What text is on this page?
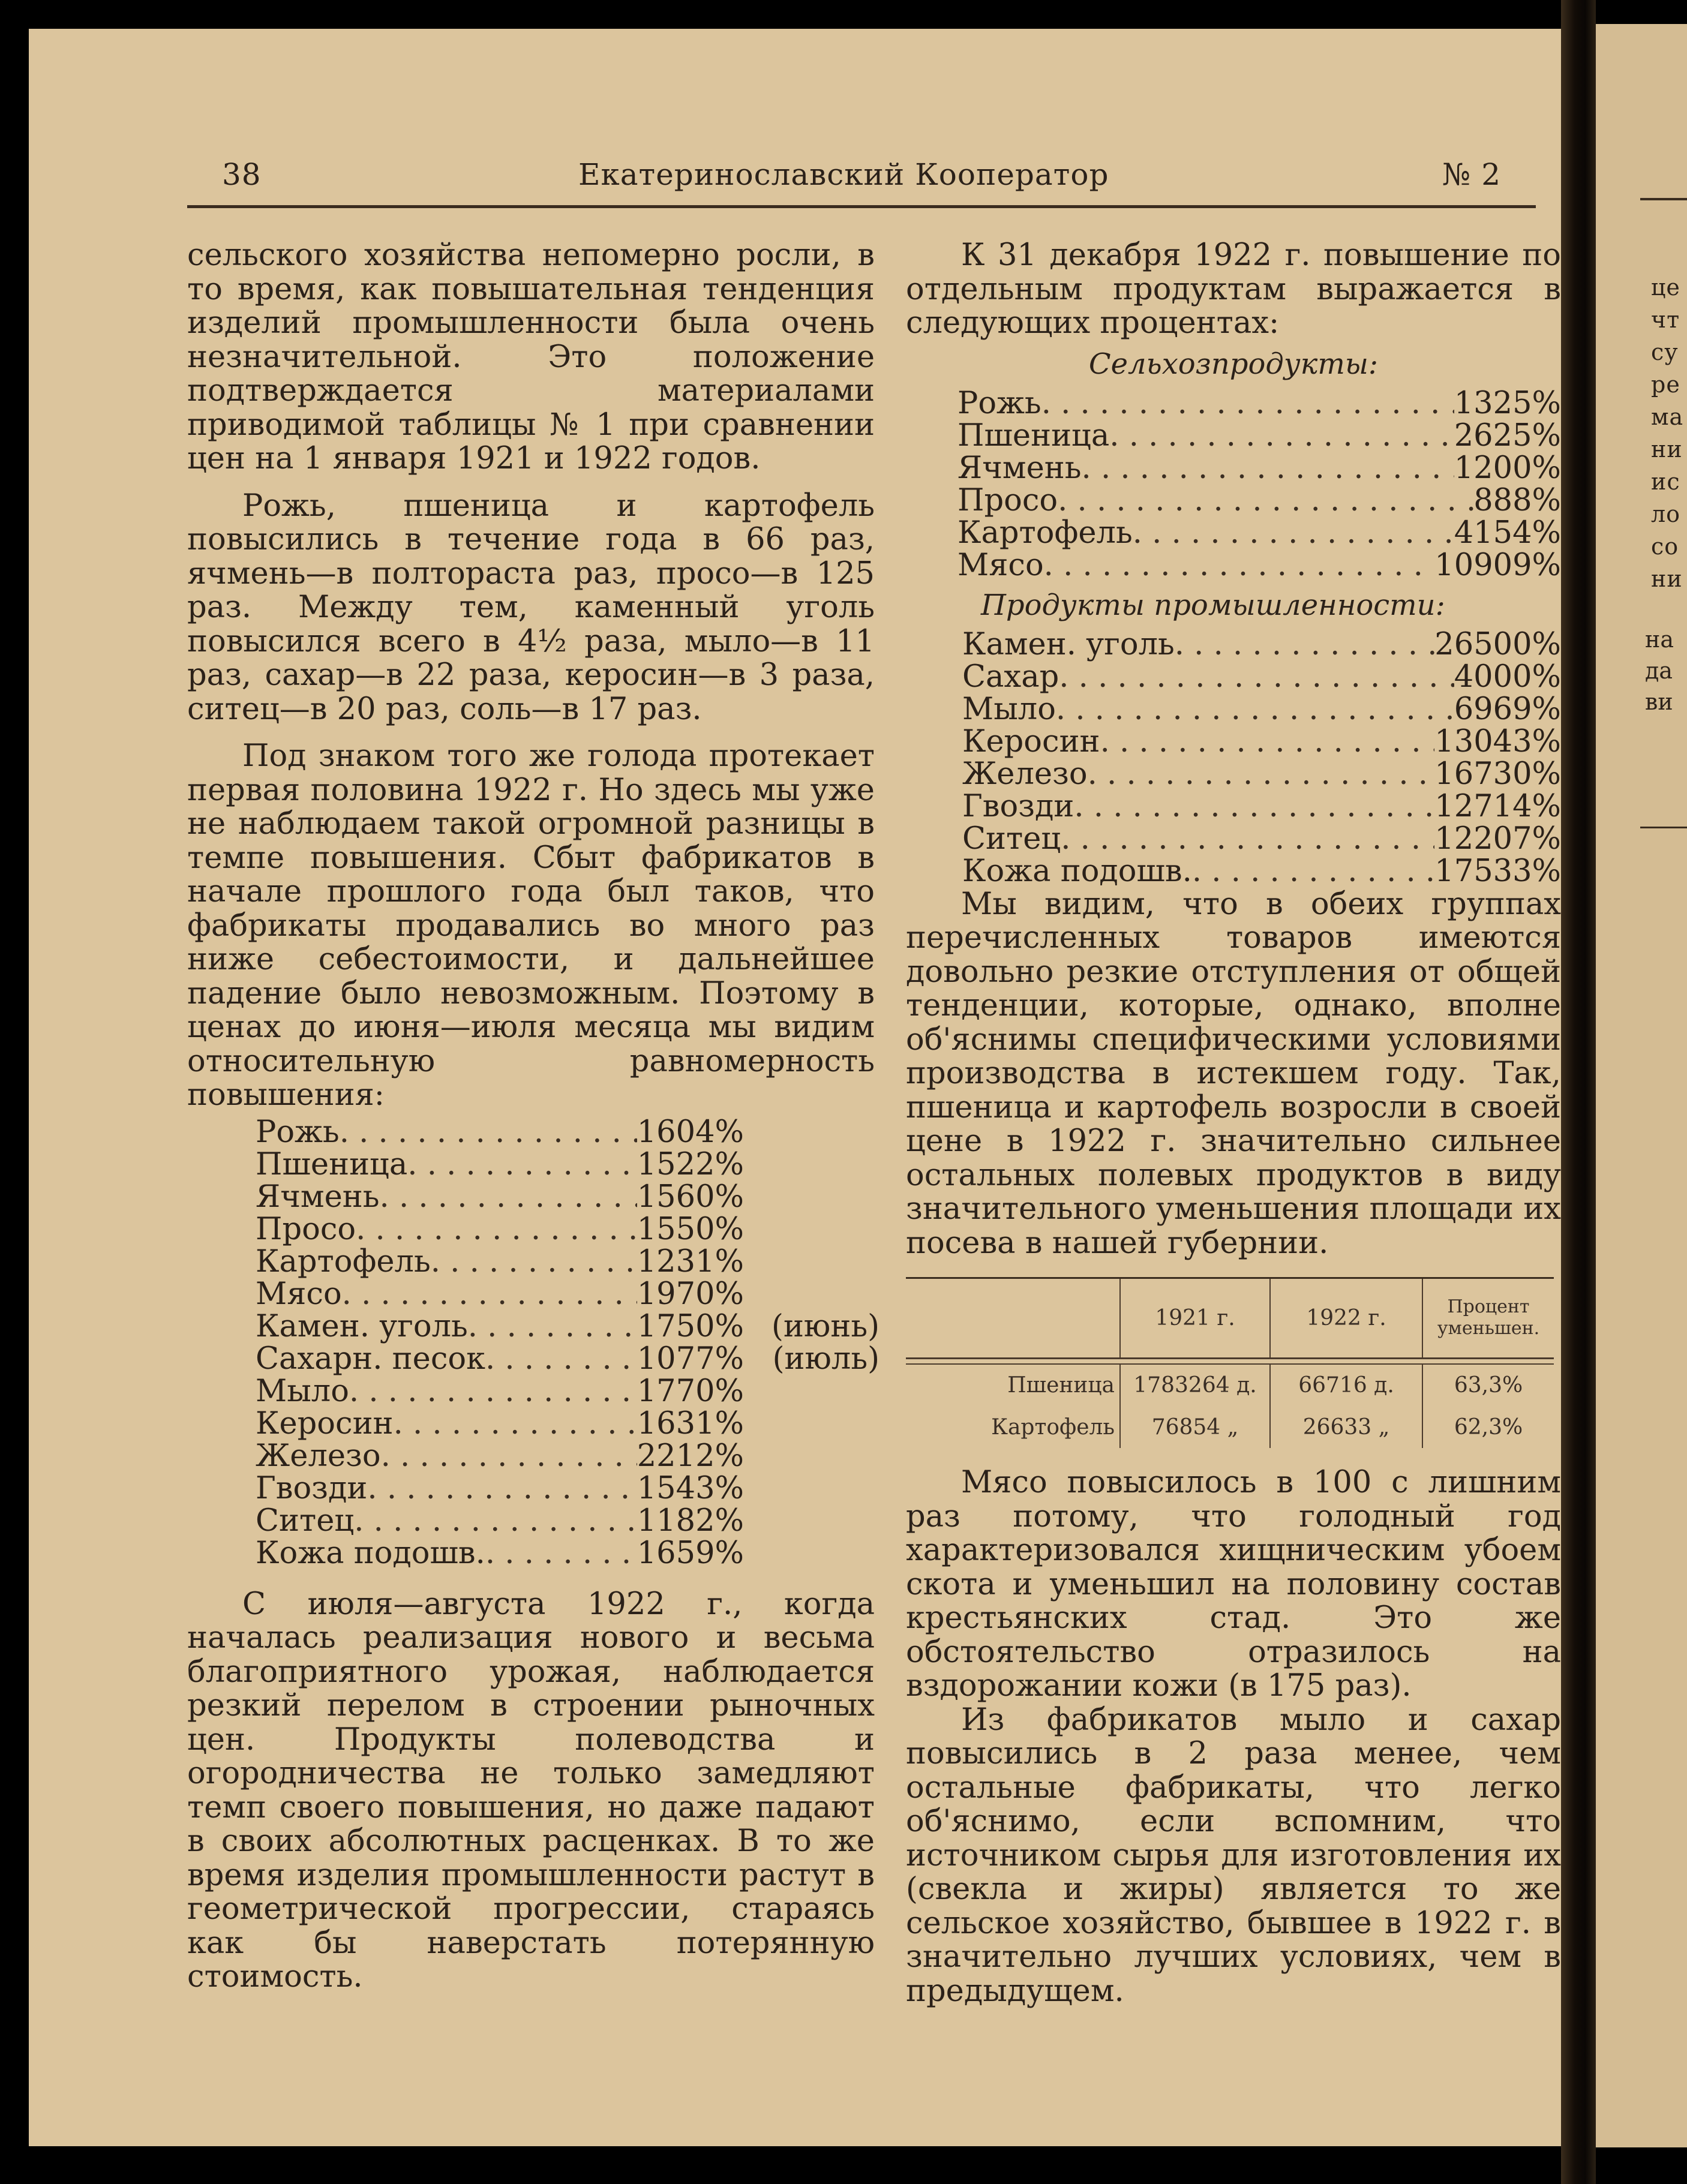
це
чт
су
ре
ма
ни
ис
ло
со
ни
на
да
ви
38	Екатеринославский Кооператор	№ 2

сельского хозяйства непомерно росли, в то время, как повышательная тенденция изделий промышленности была очень незначительной. Это положение подтверждается материалами приводимой таблицы № 1 при сравнении цен на 1 января 1921 и 1922 годов.

Рожь, пшеница и картофель повысились в течение года в 66 раз, ячмень—в полтораста раз, просо—в 125 раз. Между тем, каменный уголь повысился всего в 4½ раза, мыло—в 11 раз, сахар—в 22 раза, керосин—в 3 раза, ситец—в 20 раз, соль—в 17 раз.

Под знаком того же голода протекает первая половина 1922 г. Но здесь мы уже не наблюдаем такой огромной разницы в темпе повышения. Сбыт фабрикатов в начале прошлого года был таков, что фабрикаты продавались во много раз ниже себестоимости, и дальнейшее падение было невозможным. Поэтому в ценах до июня—июля месяца мы видим относительную равномерность повышения:

Рожь . . .	1604%
Пшеница . . .	1522%
Ячмень . . .	1560%
Просо . . .	1550%
Картофель . . .	1231%
Мясо . . .	1970%
Камен. уголь . . .	1750% (июнь)
Сахарн. песок . . .	1077% (июль)
Мыло . . .	1770%
Керосин . . .	1631%
Железо . . .	2212%
Гвозди . . .	1543%
Ситец . . .	1182%
Кожа подошв. . . .	1659%

С июля—августа 1922 г., когда началась реализация нового и весьма благоприятного урожая, наблюдается резкий перелом в строении рыночных цен. Продукты полеводства и огородничества не только замедляют темп своего повышения, но даже падают в своих абсолютных расценках. В то же время изделия промышленности растут в геометрической прогрессии, стараясь как бы наверстать потерянную стоимость.

К 31 декабря 1922 г. повышение по отдельным продуктам выражается в следующих процентах:

Сельхозпродукты:
Рожь . . .	1325%
Пшеница . . .	2625%
Ячмень . . .	1200%
Просо . . .	888%
Картофель . . .	4154%
Мясо . . .	10909%
Продукты промышленности:
Камен. уголь . . .	26500%
Сахар . . .	4000%
Мыло . . .	6969%
Керосин . . .	13043%
Железо . . .	16730%
Гвозди . . .	12714%
Ситец . . .	12207%
Кожа подошв. . . .	17533%

Мы видим, что в обеих группах перечисленных товаров имеются довольно резкие отступления от общей тенденции, которые, однако, вполне об'яснимы специфическими условиями производства в истекшем году. Так, пшеница и картофель возросли в своей цене в 1922 г. значительно сильнее остальных полевых продуктов в виду значительного уменьшения площади их посева в нашей губернии.

	1921 г.	1922 г.	Процент уменьшен.

Пшеница	1783264 д.	66716 д.	63,3%
Картофель	76854 „	26633 „	62,3%

Мясо повысилось в 100 с лишним раз потому, что голодный год характеризовался хищническим убоем скота и уменьшил на половину состав крестьянских стад. Это же обстоятельство отразилось на вздорожании кожи (в 175 раз).

Из фабрикатов мыло и сахар повысились в 2 раза менее, чем остальные фабрикаты, что легко об'яснимо, если вспомним, что источником сырья для изготовления их (свекла и жиры) является то же сельское хозяйство, бывшее в 1922 г. в значительно лучших условиях, чем в предыдущем.
